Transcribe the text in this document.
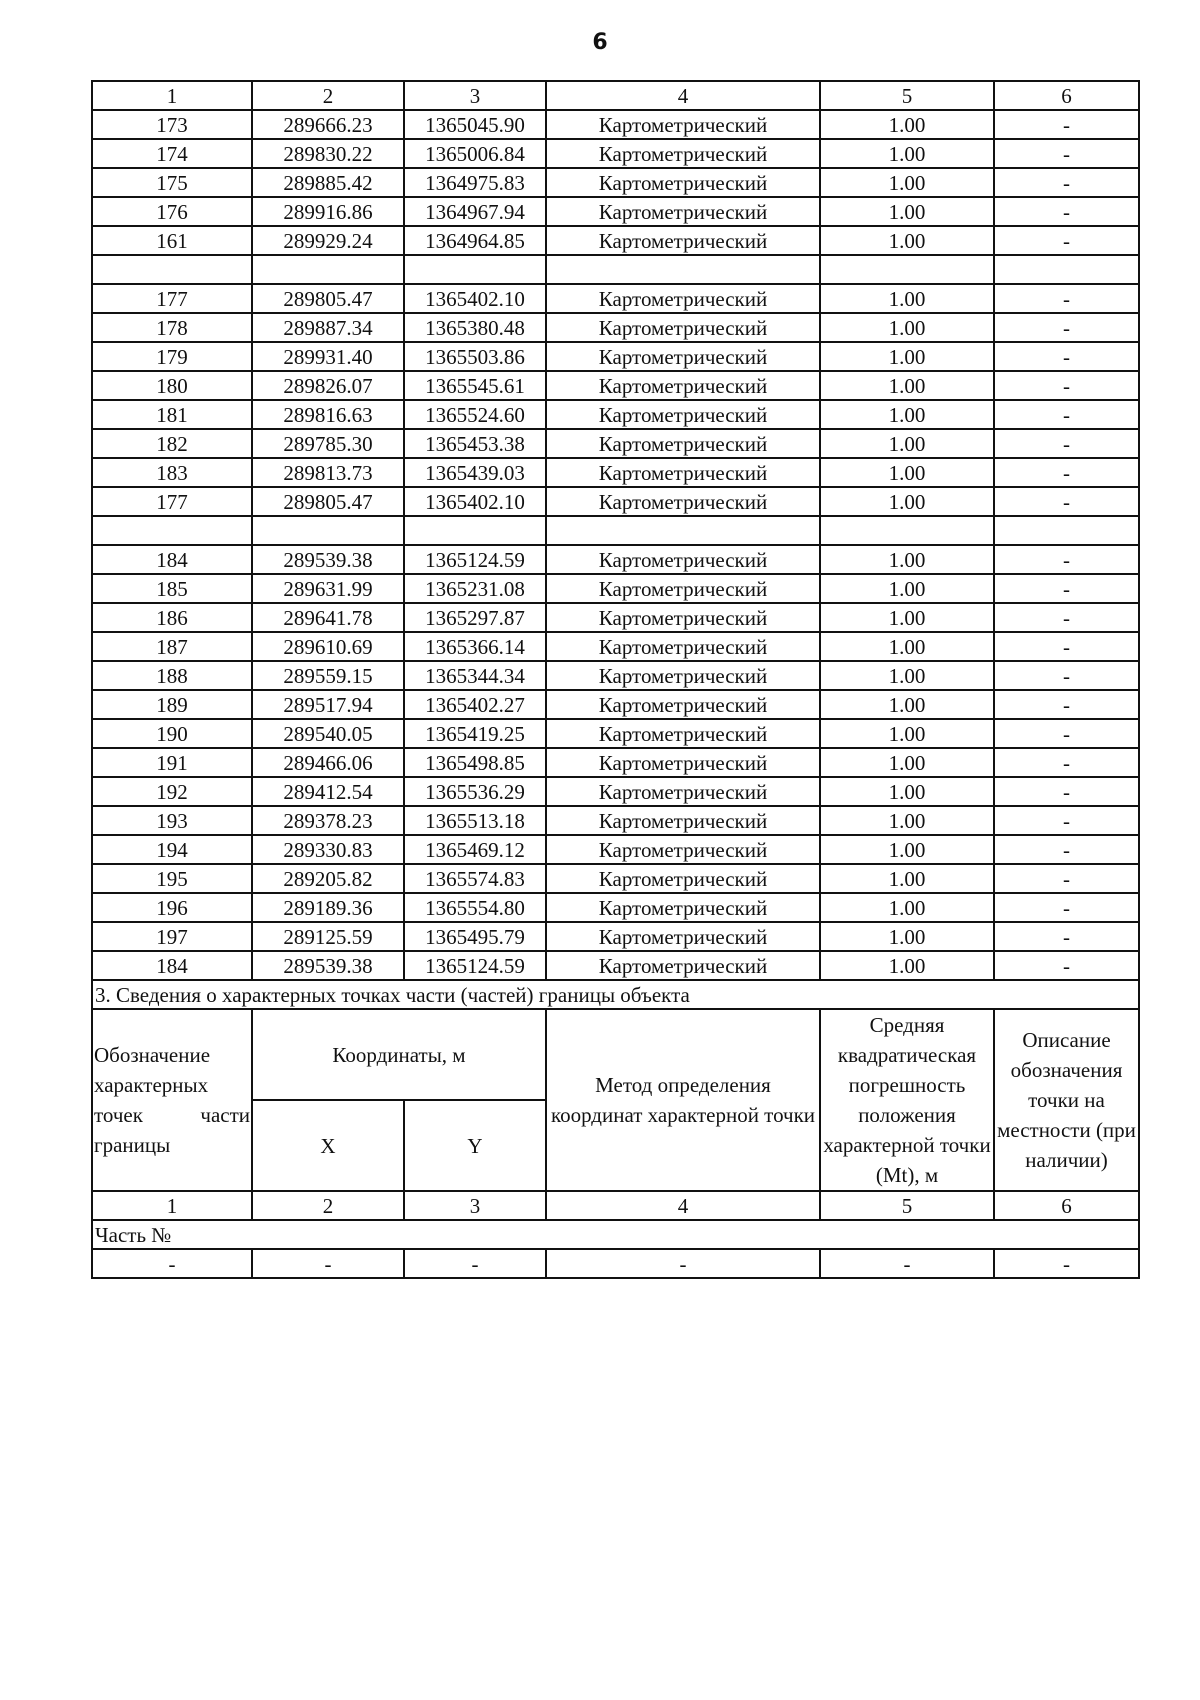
6
1	2	3	4	5	6
173	289666.23	1365045.90	Картометрический	1.00	-
174	289830.22	1365006.84	Картометрический	1.00	-
175	289885.42	1364975.83	Картометрический	1.00	-
176	289916.86	1364967.94	Картометрический	1.00	-
161	289929.24	1364964.85	Картометрический	1.00	-

177	289805.47	1365402.10	Картометрический	1.00	-
178	289887.34	1365380.48	Картометрический	1.00	-
179	289931.40	1365503.86	Картометрический	1.00	-
180	289826.07	1365545.61	Картометрический	1.00	-
181	289816.63	1365524.60	Картометрический	1.00	-
182	289785.30	1365453.38	Картометрический	1.00	-
183	289813.73	1365439.03	Картометрический	1.00	-
177	289805.47	1365402.10	Картометрический	1.00	-

184	289539.38	1365124.59	Картометрический	1.00	-
185	289631.99	1365231.08	Картометрический	1.00	-
186	289641.78	1365297.87	Картометрический	1.00	-
187	289610.69	1365366.14	Картометрический	1.00	-
188	289559.15	1365344.34	Картометрический	1.00	-
189	289517.94	1365402.27	Картометрический	1.00	-
190	289540.05	1365419.25	Картометрический	1.00	-
191	289466.06	1365498.85	Картометрический	1.00	-
192	289412.54	1365536.29	Картометрический	1.00	-
193	289378.23	1365513.18	Картометрический	1.00	-
194	289330.83	1365469.12	Картометрический	1.00	-
195	289205.82	1365574.83	Картометрический	1.00	-
196	289189.36	1365554.80	Картометрический	1.00	-
197	289125.59	1365495.79	Картометрический	1.00	-
184	289539.38	1365124.59	Картометрический	1.00	-
3. Сведения о характерных точках части (частей) границы объекта					
Обозначение характерных точек части границы	Координаты, м		Метод определения координат характерной точки	Средняя квадратическая погрешность положения характерной точки (Mt), м	Описание обозначения точки на местности (при наличии)
	X	Y			
1	2	3	4	5	6
Часть №					
-	-	-	-	-	-
